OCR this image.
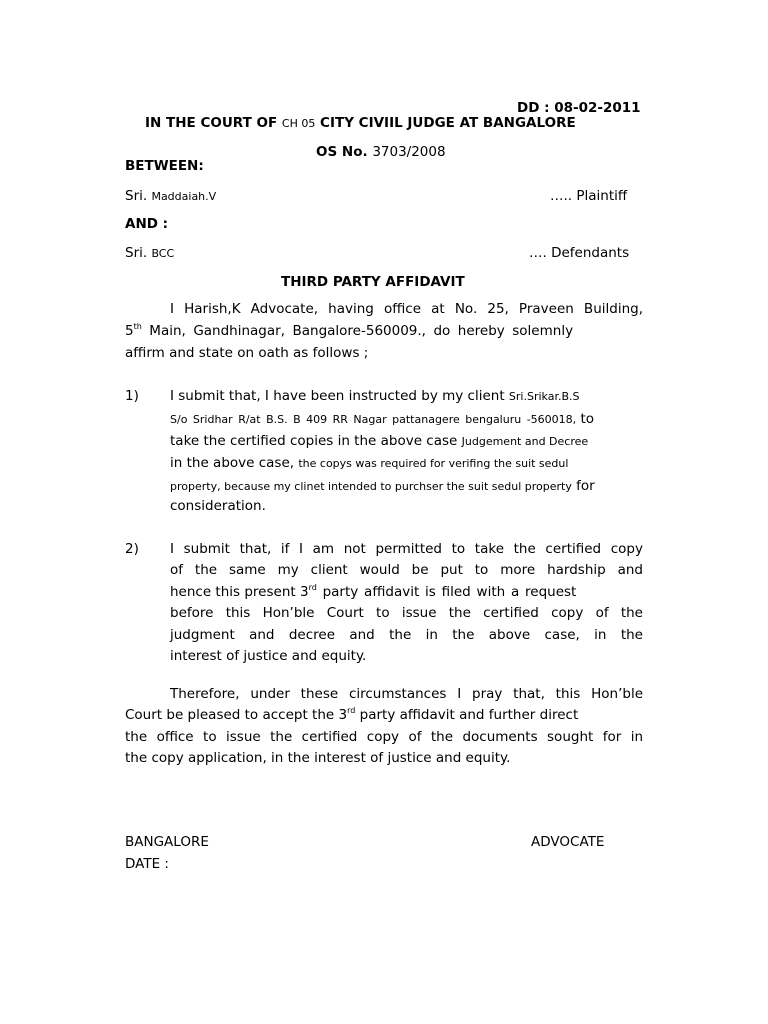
DD : 08-02-2011
IN THE COURT OF CH 05 CITY CIVIIL JUDGE AT BANGALORE
OS No. 3703/2008
BETWEEN:
Sri. Maddaiah.V	….. Plaintiff
AND :
Sri. BCC	…. Defendants
THIRD PARTY AFFIDAVIT
I Harish,K Advocate, having office at No. 25, Praveen Building,
5th Main, Gandhinagar, Bangalore-560009., do hereby solemnly
affirm and state on oath as follows ;
1) I submit that, I have been instructed by my client Sri.Srikar.B.S
S/o Sridhar R/at B.S. B 409 RR Nagar pattanagere bengaluru -560018, to
take the certified copies in the above case Judgement and Decree
in the above case, the copys was required for verifing the suit sedul
property, because my clinet intended to purchser the suit sedul property for
consideration.
2) I submit that, if I am not permitted to take the certified copy
of the same my client would be put to more hardship and
hence this present 3rd party affidavit is filed with a request
before this Hon’ble Court to issue the certified copy of the
judgment and decree and the in the above case, in the
interest of justice and equity.
Therefore, under these circumstances I pray that, this Hon’ble
Court be pleased to accept the 3rd party affidavit and further direct
the office to issue the certified copy of the documents sought for in
the copy application, in the interest of justice and equity.
BANGALORE	ADVOCATE
DATE :
